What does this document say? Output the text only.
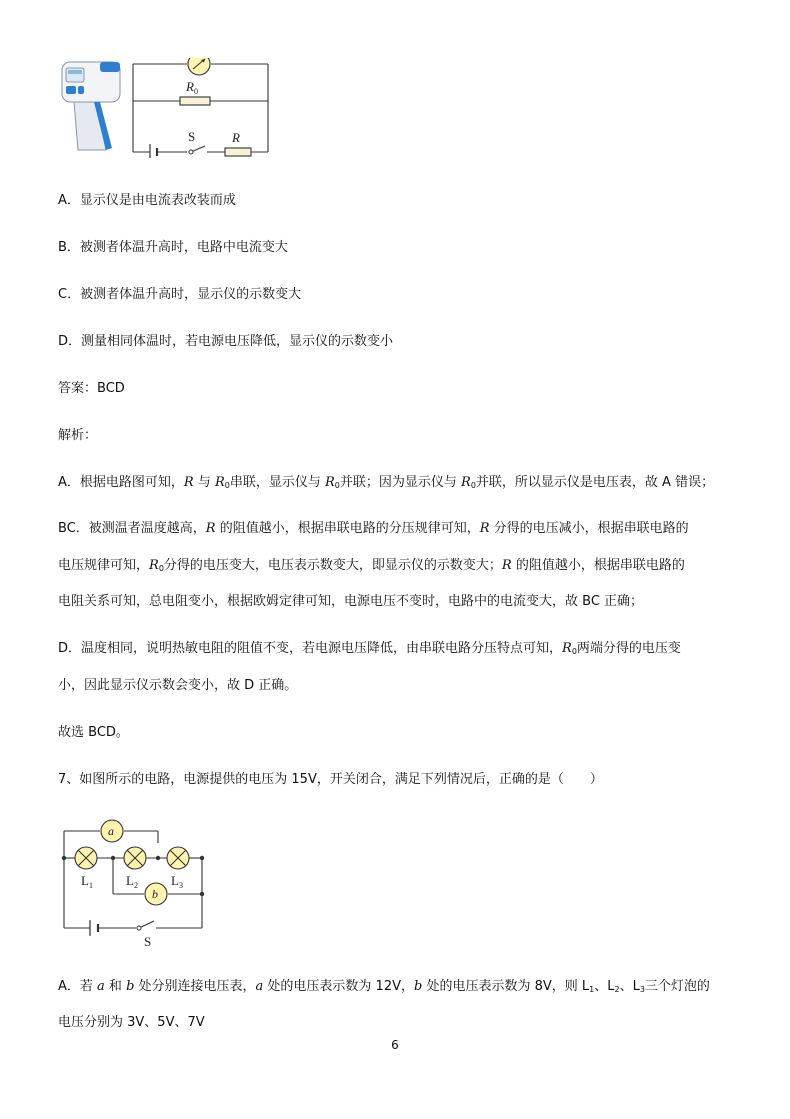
$R_0$
S	R
A．显示仪是由电流表改装而成
B．被测者体温升高时，电路中电流变大
C．被测者体温升高时，显示仪的示数变大
D．测量相同体温时，若电源电压降低，显示仪的示数变小
答案：BCD
解析：
A．根据电路图可知，R 与 $R_0$串联，显示仪与 $R_0$并联；因为显示仪与 $R_0$并联，所以显示仪是电压表，故 A 错误；
BC．被测温者温度越高，R 的阻值越小，根据串联电路的分压规律可知，R 分得的电压减小，根据串联电路的
电压规律可知，$R_0$分得的电压变大，电压表示数变大，即显示仪的示数变大；R 的阻值越小，根据串联电路的
电阻关系可知，总电阻变小，根据欧姆定律可知，电源电压不变时，电路中的电流变大，故 BC 正确；
D．温度相同，说明热敏电阻的阻值不变，若电源电压降低，由串联电路分压特点可知，$R_0$两端分得的电压变
小，因此显示仪示数会变小，故 D 正确。
故选 BCD。
7、如图所示的电路，电源提供的电压为 15V，开关闭合，满足下列情况后，正确的是（　　）
a
b
$L_1$	$L_2$	$L_3$
S
A．若 a 和 b 处分别连接电压表，a 处的电压表示数为 12V，b 处的电压表示数为 8V，则 $L_1$、$L_2$、$L_3$三个灯泡的
电压分别为 3V、5V、7V
6
